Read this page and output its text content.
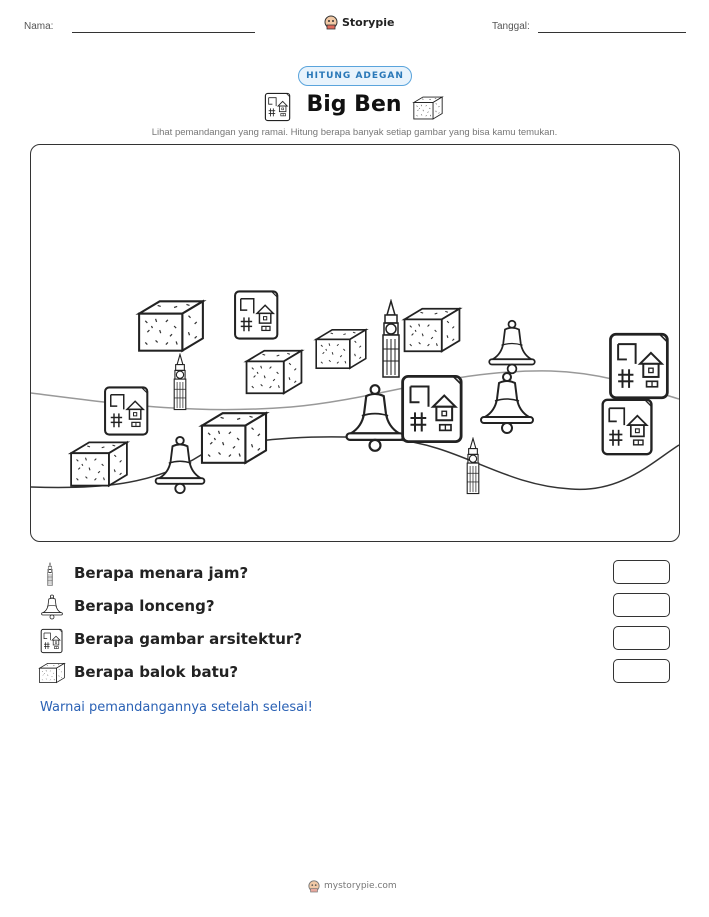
Nama:	Storypie	Tanggal:
HITUNG ADEGAN
Big Ben
Lihat pemandangan yang ramai. Hitung berapa banyak setiap gambar yang bisa kamu temukan.
Berapa menara jam?
Berapa lonceng?
Berapa gambar arsitektur?
Berapa balok batu?
Warnai pemandangannya setelah selesai!
mystorypie.com
